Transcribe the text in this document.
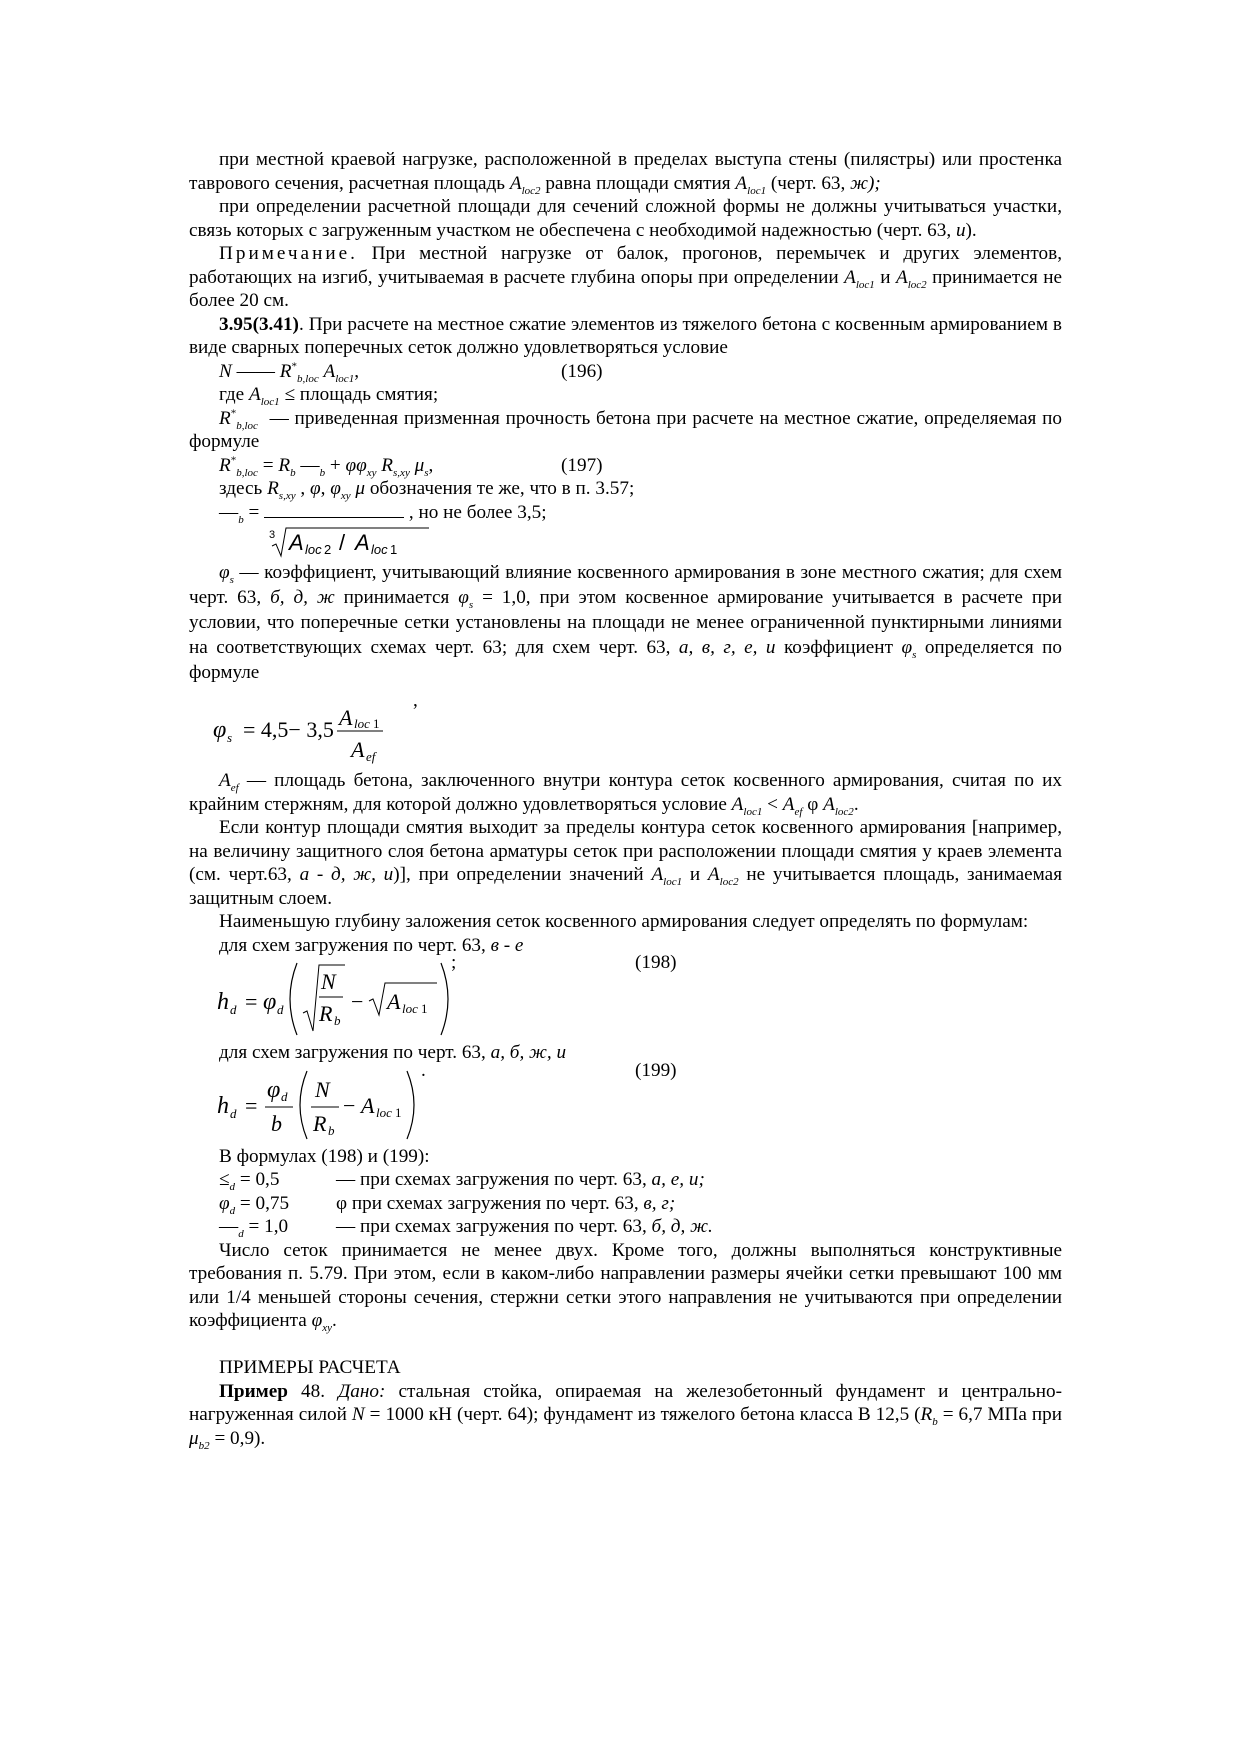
при местной краевой нагрузке, расположенной в пределах выступа стены (пилястры) или простенка таврового сечения, расчетная площадь $A_{loc2}$ равна площади смятия $A_{loc1}$ (черт. 63, ж);

при определении расчетной площади для сечений сложной формы не должны учитываться участки, связь которых с загруженным участком не обеспечена с необходимой надежностью (черт. 63, и).

Примечание. При местной нагрузке от балок, прогонов, перемычек и других элементов, работающих на изгиб, учитываемая в расчете глубина опоры при определении $A_{loc1}$ и $A_{loc2}$ принимается не более 20 см.

3.95(3.41). При расчете на местное сжатие элементов из тяжелого бетона с косвенным армированием в виде сварных поперечных сеток должно удовлетворяться условие

N —— $R^*_{b,loc}$ $A_{loc1}$,	(196)
где $A_{loc1}$ ≤ площадь смятия;

$R^*_{b,loc}$ — приведенная призменная прочность бетона при расчете на местное сжатие, определяемая по формуле

$R^*_{b,loc} = R_b$ $—_b + \varphi\varphi_{xy}$ $R_{s,xy}$ $\mu_s$,	(197)
здесь $R_{s,xy}$ , φ, $\varphi_{xy}$ μ обозначения те же, что в п. 3.57;
$—_b$ =	, но не более 3,5;
3 A loc 2 / A loc 1

$\varphi_s$ — коэффициент, учитывающий влияние косвенного армирования в зоне местного сжатия; для схем черт. 63, б, д, ж принимается $\varphi_s = 1,0$, при этом косвенное армирование учитывается в расчете при условии, что поперечные сетки установлены на площади не менее ограниченной пунктирными линиями на соответствующих схемах черт. 63; для схем черт. 63, а, в, г, е, и коэффициент $\varphi_s$ определяется по формуле

,
φ s = 4,5− 3,5 A loc 1
A ef

$A_{ef}$ — площадь бетона, заключенного внутри контура сеток косвенного армирования, считая по их крайним стержням, для которой должно удовлетворяться условие $A_{loc1} < A_{ef}$ φ $A_{loc2}$.

Если контур площади смятия выходит за пределы контура сеток косвенного армирования [например, на величину защитного слоя бетона арматуры сеток при расположении площади смятия у краев элемента (см. черт.63, а - д, ж, и)], при определении значений $A_{loc1}$ и $A_{loc2}$ не учитывается площадь, занимаемая защитным слоем.

Наименьшую глубину заложения сеток косвенного армирования следует определять по формулам:

для схем загружения по черт. 63, в - е
;	(198)
h d = φ d
N
R b
− A loc 1
для схем загружения по черт. 63, а, б, ж, и
.	(199)
h d =
φ d
b
N
R b
− A loc 1
В формулах (198) и (199):
$\le_d = 0,5$	— при схемах загружения по черт. 63, а, е, и;
$\varphi_d = 0,75$ φ при схемах загружения по черт. 63, в, г;
$—_d = 1,0$ — при схемах загружения по черт. 63, б, д, ж.

Число сеток принимается не менее двух. Кроме того, должны выполняться конструктивные требования п. 5.79. При этом, если в каком-либо направлении размеры ячейки сетки превышают 100 мм или 1/4 меньшей стороны сечения, стержни сетки этого направления не учитываются при определении коэффициента $\varphi_{xy}$.

ПРИМЕРЫ РАСЧЕТА

Пример 48. Дано: стальная стойка, опираемая на железобетонный фундамент и центрально-нагруженная силой N = 1000 кН (черт. 64); фундамент из тяжелого бетона класса В 12,5 ($R_b = 6,7$ МПа при $\mu_{b2} = 0,9$).
